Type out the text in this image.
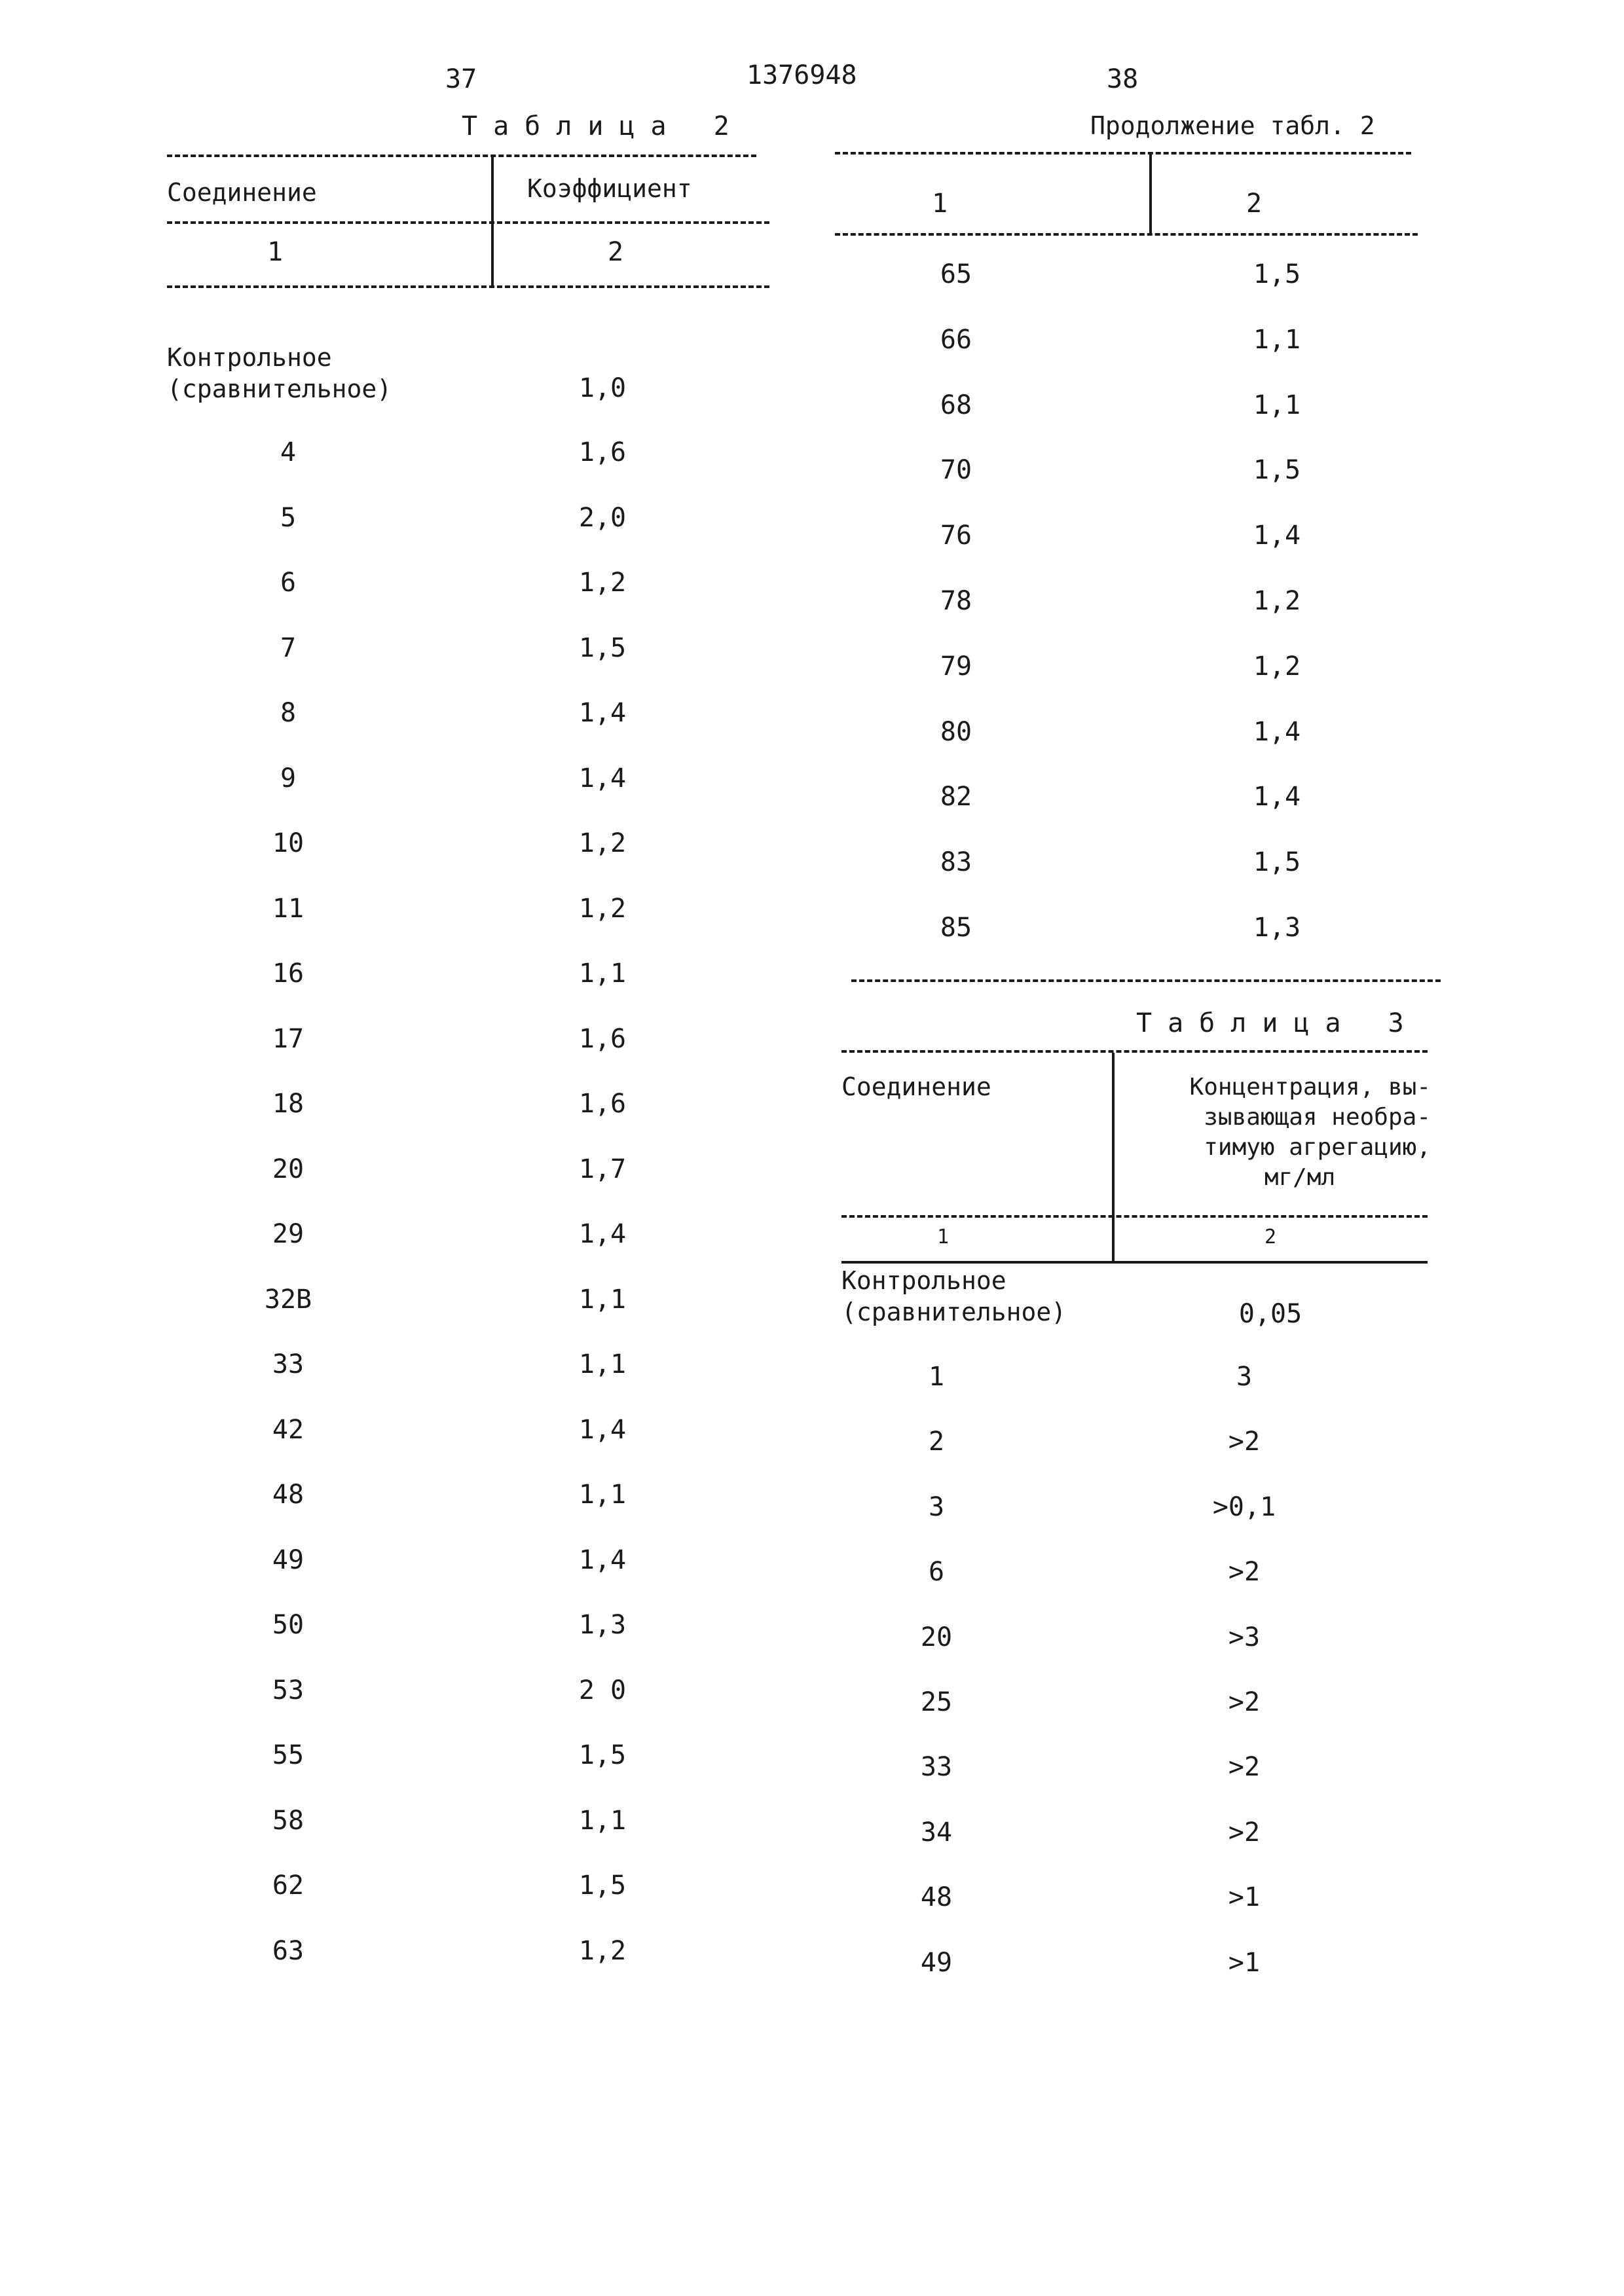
37	1376948	38
Таблица 2
Соединение	Коэффициент
1	2
Контрольное
(сравнительное)	1,0
4	1,6
5	2,0
6	1,2
7	1,5
8	1,4
9	1,4
10	1,2
11	1,2
16	1,1
17	1,6
18	1,6
20	1,7
29	1,4
32В	1,1
33	1,1
42	1,4
48	1,1
49	1,4
50	1,3
53	2 0
55	1,5
58	1,1
62	1,5
63	1,2
Продолжение табл. 2
1	2
65	1,5
66	1,1
68	1,1
70	1,5
76	1,4
78	1,2
79	1,2
80	1,4
82	1,4
83	1,5
85	1,3
Таблица 3
Соединение	Концентрация, вы-
зывающая необра-
тимую агрегацию,
мг/мл
1	2
Контрольное
(сравнительное)	0,05
1	3
2	>2
3	>0,1
6	>2
20	>3
25	>2
33	>2
34	>2
48	>1
49	>1
